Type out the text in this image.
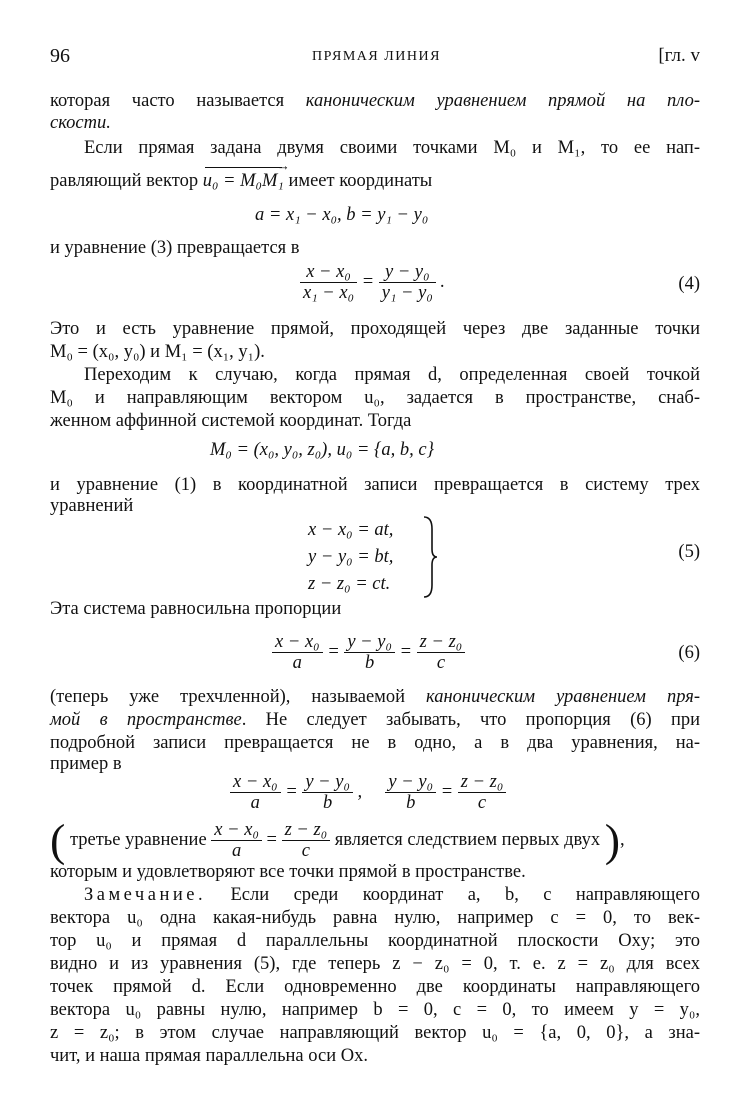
96	ПРЯМАЯ ЛИНИЯ	[гл. v
которая часто называется каноническим уравнением прямой на пло-
скости.
Если прямая задана двумя своими точками M₀ и M₁, то ее нап-
равляющий вектор → u₀ = M₀M₁ имеет координаты
a = x₁ − x₀, b = y₁ − y₀
и уравнение (3) превращается в
$\frac{\text{x − x₀}}{\text{x₁ − x₀}} = \frac{\text{y − y₀}}{\text{y₁ − y₀}}$ .	(4)
Это и есть уравнение прямой, проходящей через две заданные точки
M₀ = (x₀, y₀) и M₁ = (x₁, y₁).
Переходим к случаю, когда прямая d, определенная своей точкой
M₀ и направляющим вектором u₀, задается в пространстве, снаб-
женном аффинной системой координат. Тогда
M₀ = (x₀, y₀, z₀), u₀ = {a, b, c}
и уравнение (1) в координатной записи превращается в систему трех
уравнений
x − x₀ = at,
y − y₀ = bt,
z − z₀ = ct.
(5)
Эта система равносильна пропорции
$\frac{\text{x − x₀}}{a} = \frac{\text{y − y₀}}{b} = \frac{\text{z − z₀}}{c}$	(6)
(теперь уже трехчленной), называемой каноническим уравнением пря-
мой в пространстве. Не следует забывать, что пропорция (6) при
подробной записи превращается не в одно, а в два уравнения, на-
пример в
$\frac{\text{x − x₀}}{a} = \frac{\text{y − y₀}}{b}$ , $\frac{\text{y − y₀}}{b} = \frac{\text{z − z₀}}{c}$
( третье уравнение $\frac{\text{x − x₀}}{a} = \frac{\text{z − z₀}}{c}$ является следствием первых двух ),
которым и удовлетворяют все точки прямой в пространстве.
Замечание. Если среди координат a, b, c направляющего
вектора u₀ одна какая-нибудь равна нулю, например c = 0, то век-
тор u₀ и прямая d параллельны координатной плоскости Oxy; это
видно и из уравнения (5), где теперь z − z₀ = 0, т. е. z = z₀ для всех
точек прямой d. Если одновременно две координаты направляющего
вектора u₀ равны нулю, например b = 0, c = 0, то имеем y = y₀,
z = z₀; в этом случае направляющий вектор u₀ = {a, 0, 0}, а зна-
чит, и наша прямая параллельна оси Ox.
